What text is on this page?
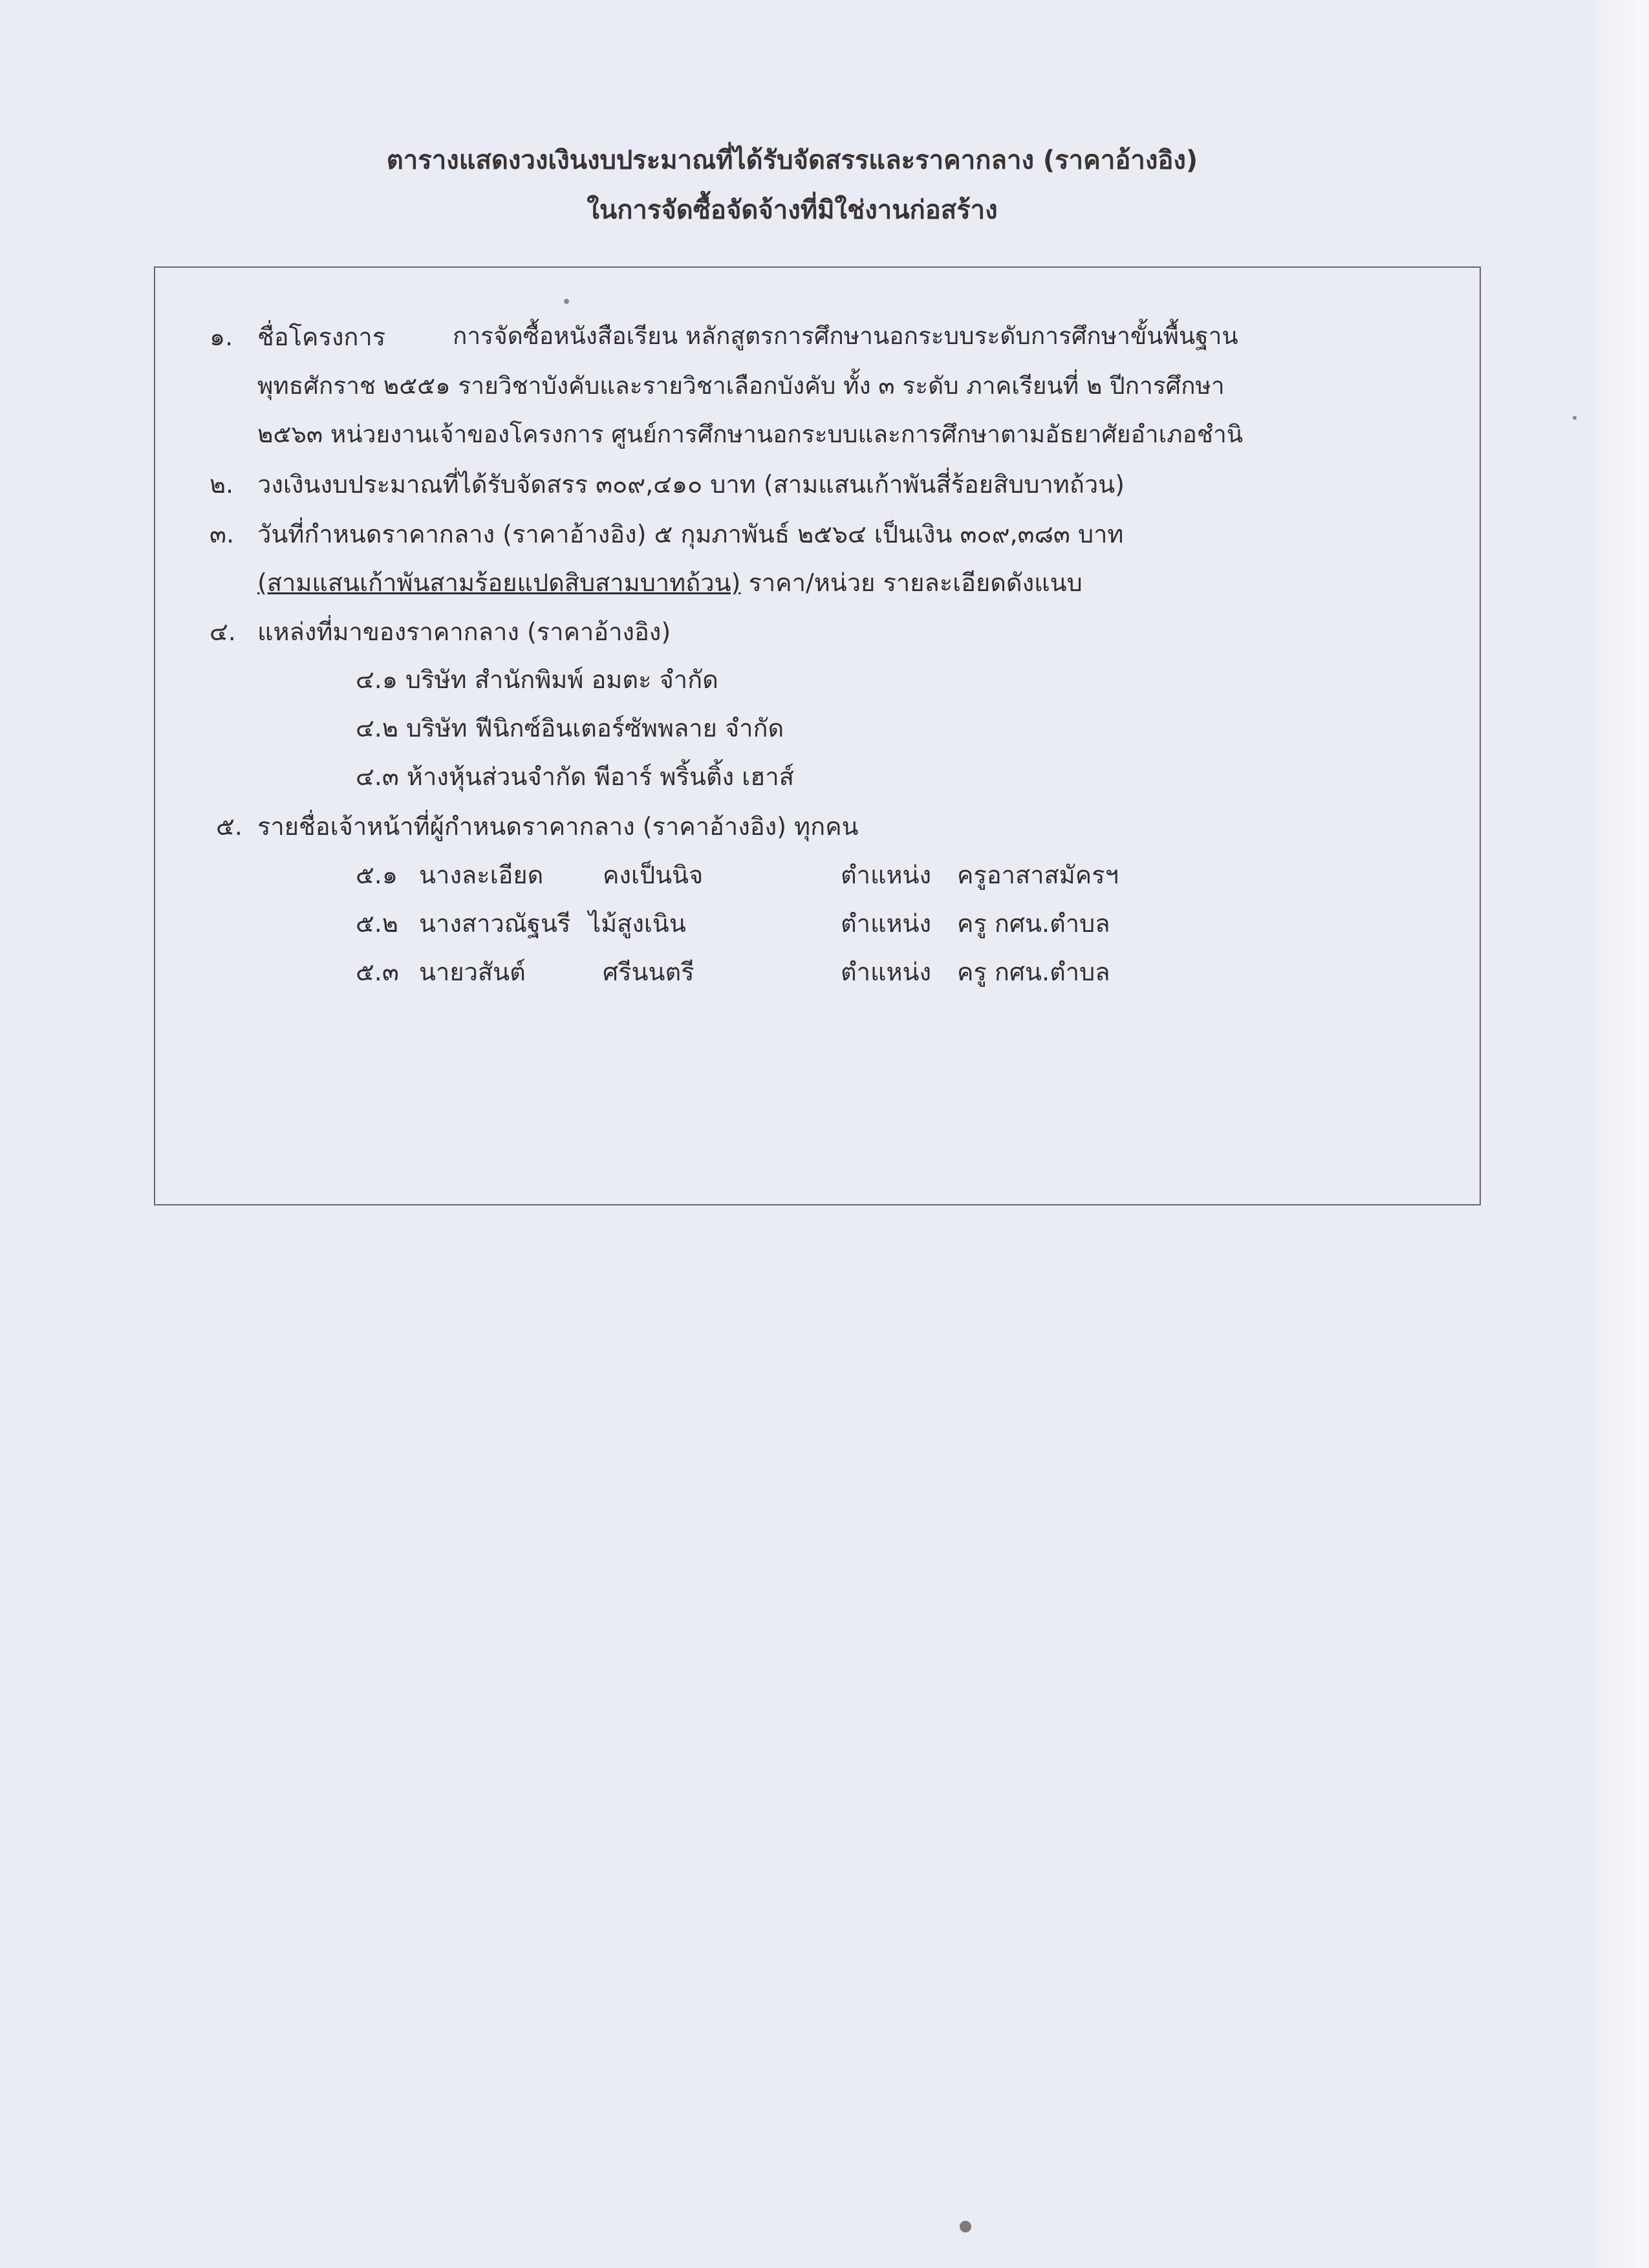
ตารางแสดงวงเงินงบประมาณที่ได้รับจัดสรรและราคากลาง (ราคาอ้างอิง)
ในการจัดซื้อจัดจ้างที่มิใช่งานก่อสร้าง
๑. ชื่อโครงการ	การจัดซื้อหนังสือเรียน หลักสูตรการศึกษานอกระบบระดับการศึกษาขั้นพื้นฐาน
พุทธศักราช ๒๕๕๑ รายวิชาบังคับและรายวิชาเลือกบังคับ ทั้ง ๓ ระดับ ภาคเรียนที่ ๒ ปีการศึกษา
๒๕๖๓ หน่วยงานเจ้าของโครงการ ศูนย์การศึกษานอกระบบและการศึกษาตามอัธยาศัยอำเภอชำนิ
๒. วงเงินงบประมาณที่ได้รับจัดสรร ๓๐๙,๔๑๐ บาท (สามแสนเก้าพันสี่ร้อยสิบบาทถ้วน)
๓. วันที่กำหนดราคากลาง (ราคาอ้างอิง) ๕ กุมภาพันธ์ ๒๕๖๔ เป็นเงิน ๓๐๙,๓๘๓ บาท
(สามแสนเก้าพันสามร้อยแปดสิบสามบาทถ้วน) ราคา/หน่วย รายละเอียดดังแนบ
๔. แหล่งที่มาของราคากลาง (ราคาอ้างอิง)
๔.๑ บริษัท สำนักพิมพ์ อมตะ จำกัด
๔.๒ บริษัท ฟีนิกซ์อินเตอร์ซัพพลาย จำกัด
๔.๓ ห้างหุ้นส่วนจำกัด พีอาร์ พริ้นติ้ง เฮาส์
๕. รายชื่อเจ้าหน้าที่ผู้กำหนดราคากลาง (ราคาอ้างอิง) ทุกคน
๕.๑ นางละเอียด คงเป็นนิจ	ตำแหน่ง ครูอาสาสมัครฯ
๕.๒ นางสาวณัฐนรี ไม้สูงเนิน	ตำแหน่ง ครู กศน.ตำบล
๕.๓ นายวสันต์	ศรีนนตรี	ตำแหน่ง ครู กศน.ตำบล
